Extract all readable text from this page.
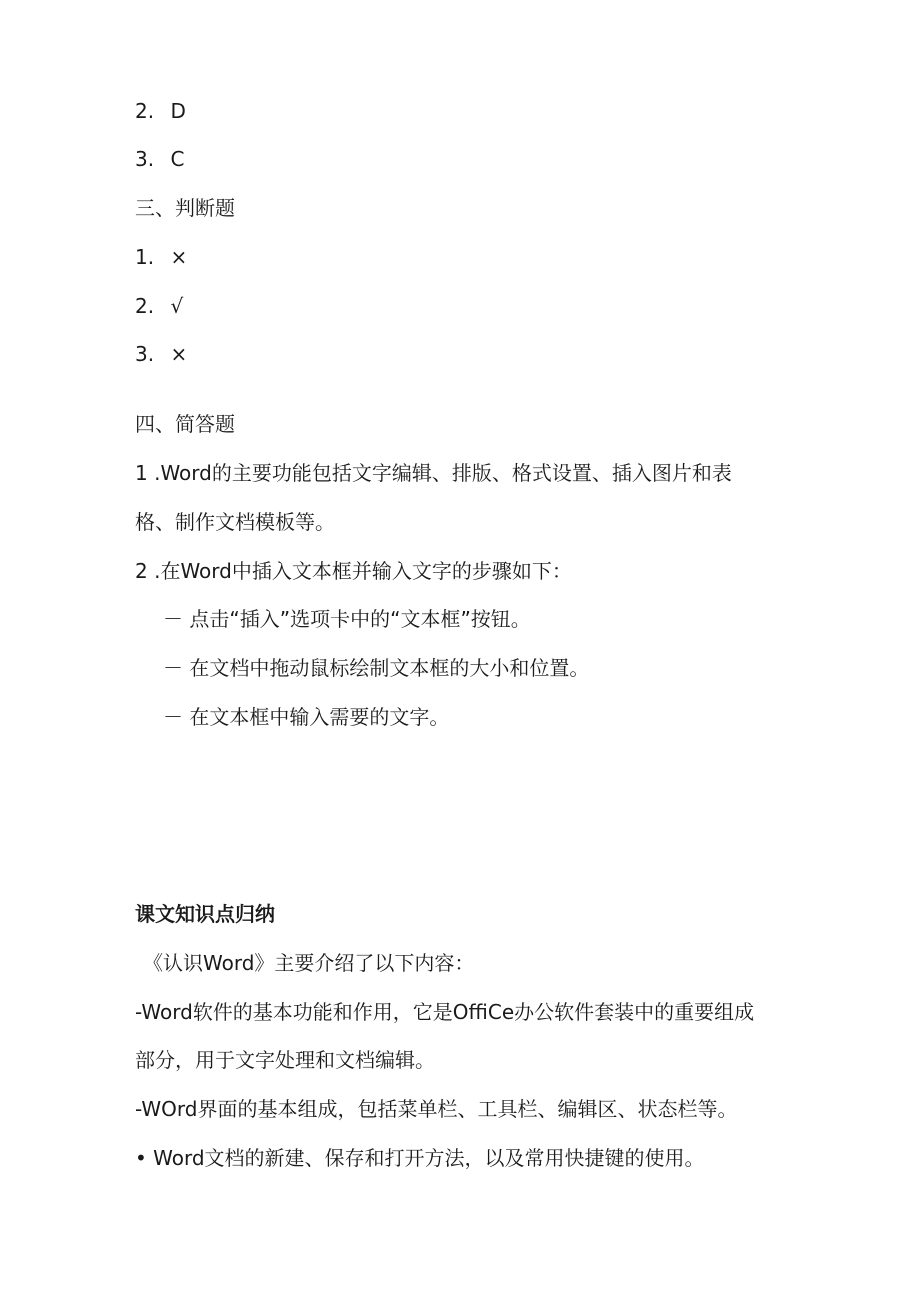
2. D
3. C
三、判断题
1. ×
2. √
3. ×
四、简答题
1 .Word的主要功能包括文字编辑、排版、格式设置、插入图片和表
格、制作文档模板等。
2 .在Word中插入文本框并输入文字的步骤如下：
－ 点击“插入”选项卡中的“文本框”按钮。
－ 在文档中拖动鼠标绘制文本框的大小和位置。
－ 在文本框中输入需要的文字。
课文知识点归纳
《认识Word》主要介绍了以下内容：
-Word软件的基本功能和作用，它是OffiCe办公软件套装中的重要组成
部分，用于文字处理和文档编辑。
-WOrd界面的基本组成，包括菜单栏、工具栏、编辑区、状态栏等。
• Word文档的新建、保存和打开方法，以及常用快捷键的使用。
